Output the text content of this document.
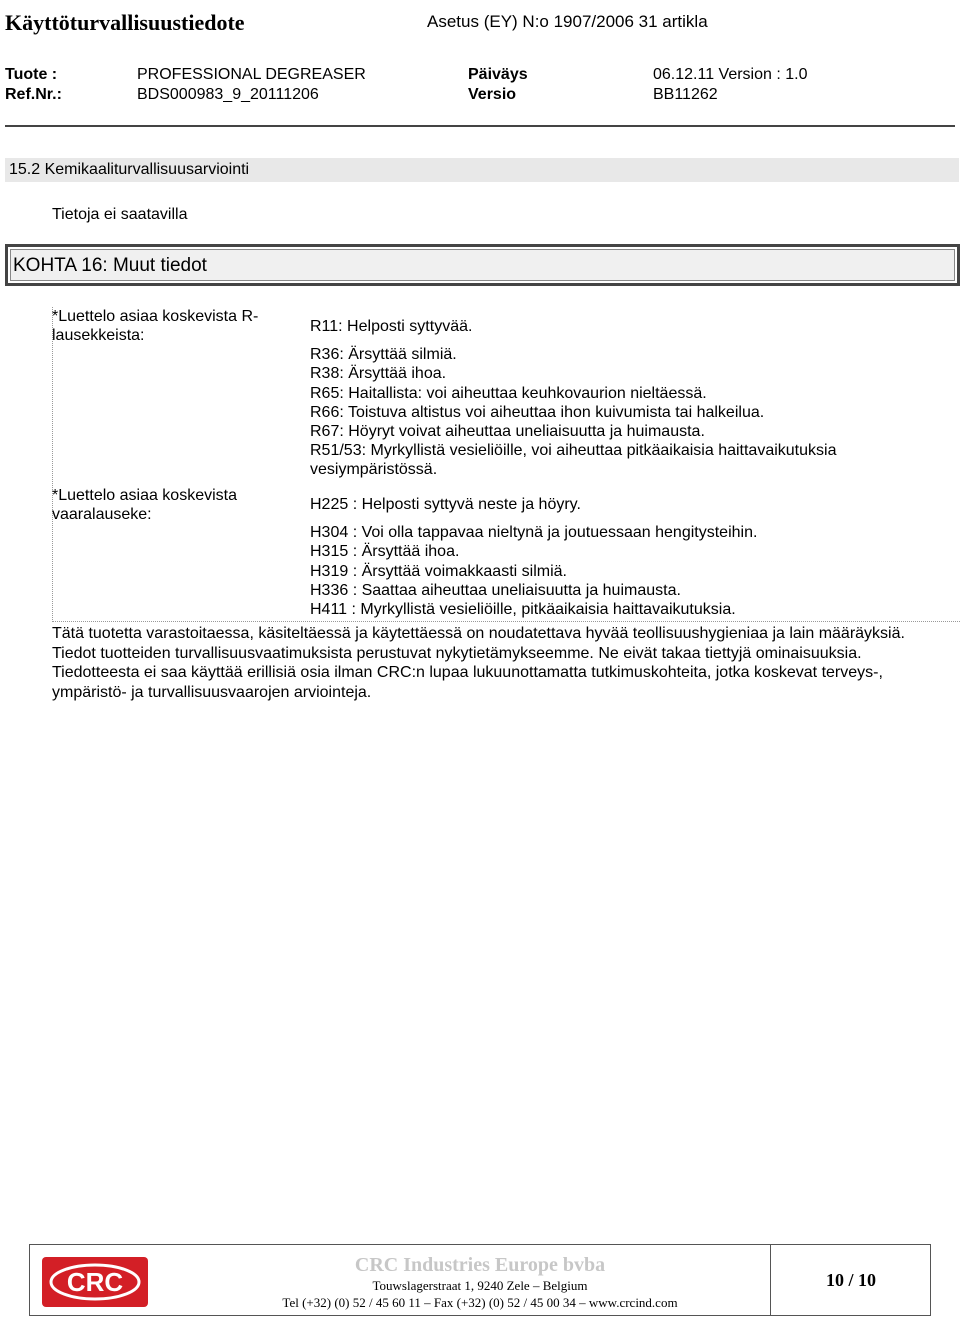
Käyttöturvallisuustiedote	Asetus (EY) N:o 1907/2006 31 artikla
Tuote :	PROFESSIONAL DEGREASER	Päiväys	06.12.11 Version : 1.0
Ref.Nr.:	BDS000983_9_20111206	Versio	BB11262
15.2 Kemikaaliturvallisuusarviointi
Tietoja ei saatavilla
KOHTA 16: Muut tiedot
*Luettelo asiaa koskevista R-lausekkeista:
R11: Helposti syttyvää.
R36: Ärsyttää silmiä.
R38: Ärsyttää ihoa.
R65: Haitallista: voi aiheuttaa keuhkovaurion nieltäessä.
R66: Toistuva altistus voi aiheuttaa ihon kuivumista tai halkeilua.
R67: Höyryt voivat aiheuttaa uneliaisuutta ja huimausta.
R51/53: Myrkyllistä vesieliöille, voi aiheuttaa pitkäaikaisia haittavaikutuksia vesiympäristössä.
*Luettelo asiaa koskevista vaaralauseke:
H225 : Helposti syttyvä neste ja höyry.
H304 : Voi olla tappavaa nieltynä ja joutuessaan hengitysteihin.
H315 : Ärsyttää ihoa.
H319 : Ärsyttää voimakkaasti silmiä.
H336 : Saattaa aiheuttaa uneliaisuutta ja huimausta.
H411 : Myrkyllistä vesieliöille, pitkäaikaisia haittavaikutuksia.
Tätä tuotetta varastoitaessa, käsiteltäessä ja käytettäessä on noudatettava hyvää teollisuushygieniaa ja lain määräyksiä. Tiedot tuotteiden turvallisuusvaatimuksista perustuvat nykytietämykseemme. Ne eivät takaa tiettyjä ominaisuuksia.
Tiedotteesta ei saa käyttää erillisiä osia ilman CRC:n lupaa lukuunottamatta tutkimuskohteita, jotka koskevat terveys-, ympäristö- ja turvallisuusvaarojen arviointeja.
CRC
CRC Industries Europe bvba
Touwslagerstraat 1, 9240 Zele – Belgium
Tel (+32) (0) 52 / 45 60 11 – Fax (+32) (0) 52 / 45 00 34 – www.crcind.com
10 / 10
